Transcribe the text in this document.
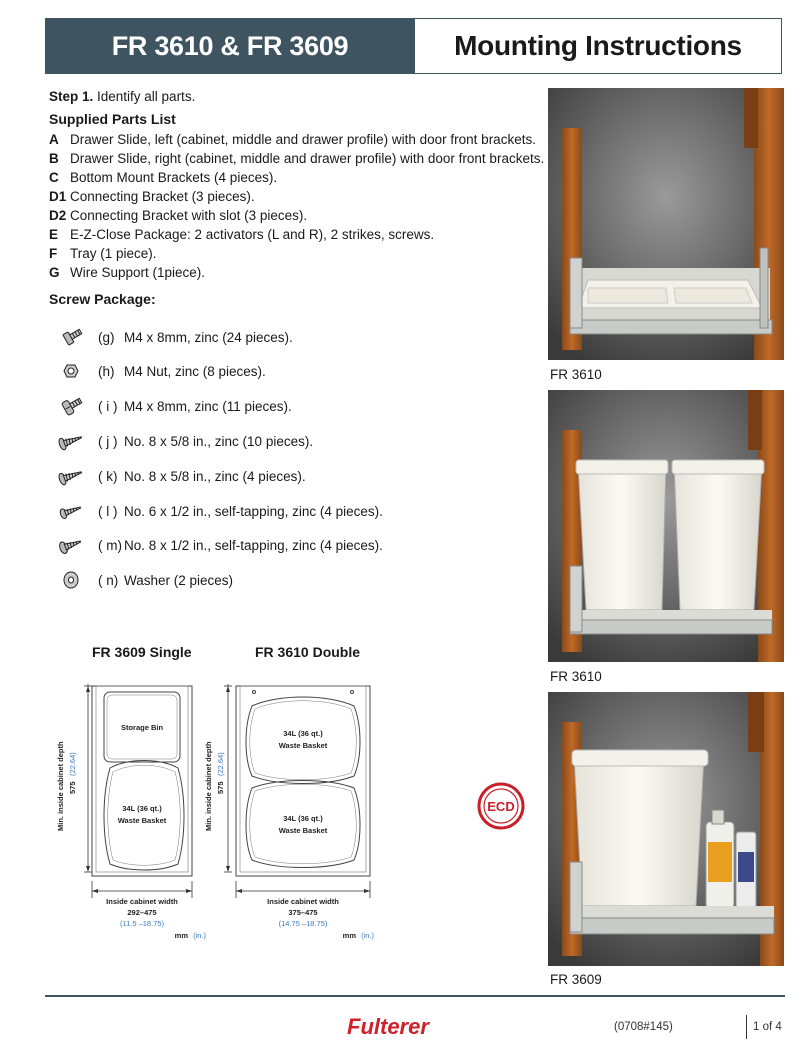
FR 3610 & FR 3609	Mounting Instructions
Step 1. Identify all parts.
Supplied Parts List
A Drawer Slide, left (cabinet, middle and drawer profile) with door front brackets.
B Drawer Slide, right (cabinet, middle and drawer profile) with door front brackets.
C Bottom Mount Brackets (4 pieces).
D1 Connecting Bracket (3 pieces).
D2 Connecting Bracket with slot (3 pieces).
E E-Z-Close Package: 2 activators (L and R), 2 strikes, screws.
F Tray (1 piece).
G Wire Support (1piece).
Screw Package:
(g) M4 x 8mm, zinc (24 pieces).
(h) M4 Nut, zinc (8 pieces).
( i ) M4 x 8mm, zinc (11 pieces).
( j ) No. 8 x 5/8 in., zinc (10 pieces).
( k) No. 8 x 5/8 in., zinc (4 pieces).
( l ) No. 6 x 1/2 in., self-tapping, zinc (4 pieces).
( m) No. 8 x 1/2 in., self-tapping, zinc (4 pieces).
( n) Washer (2 pieces)
FR 3610
FR 3610
FR 3609
FR 3609 Single	FR 3610 Double
Storage Bin
34L (36 qt.)
Waste Basket
Min. inside cabinet depth 575
(22.64)
Inside cabinet width
292–475
(11.5 –18.75)
mm (in.)
34L (36 qt.)
Waste Basket
34L (36 qt.)
Waste Basket
Min. inside cabinet depth 575
(22.64)
Inside cabinet width
375–475
(14.75 –18.75)
mm (in.)
ECD
Fulterer	(0708#145)	1 of 4
